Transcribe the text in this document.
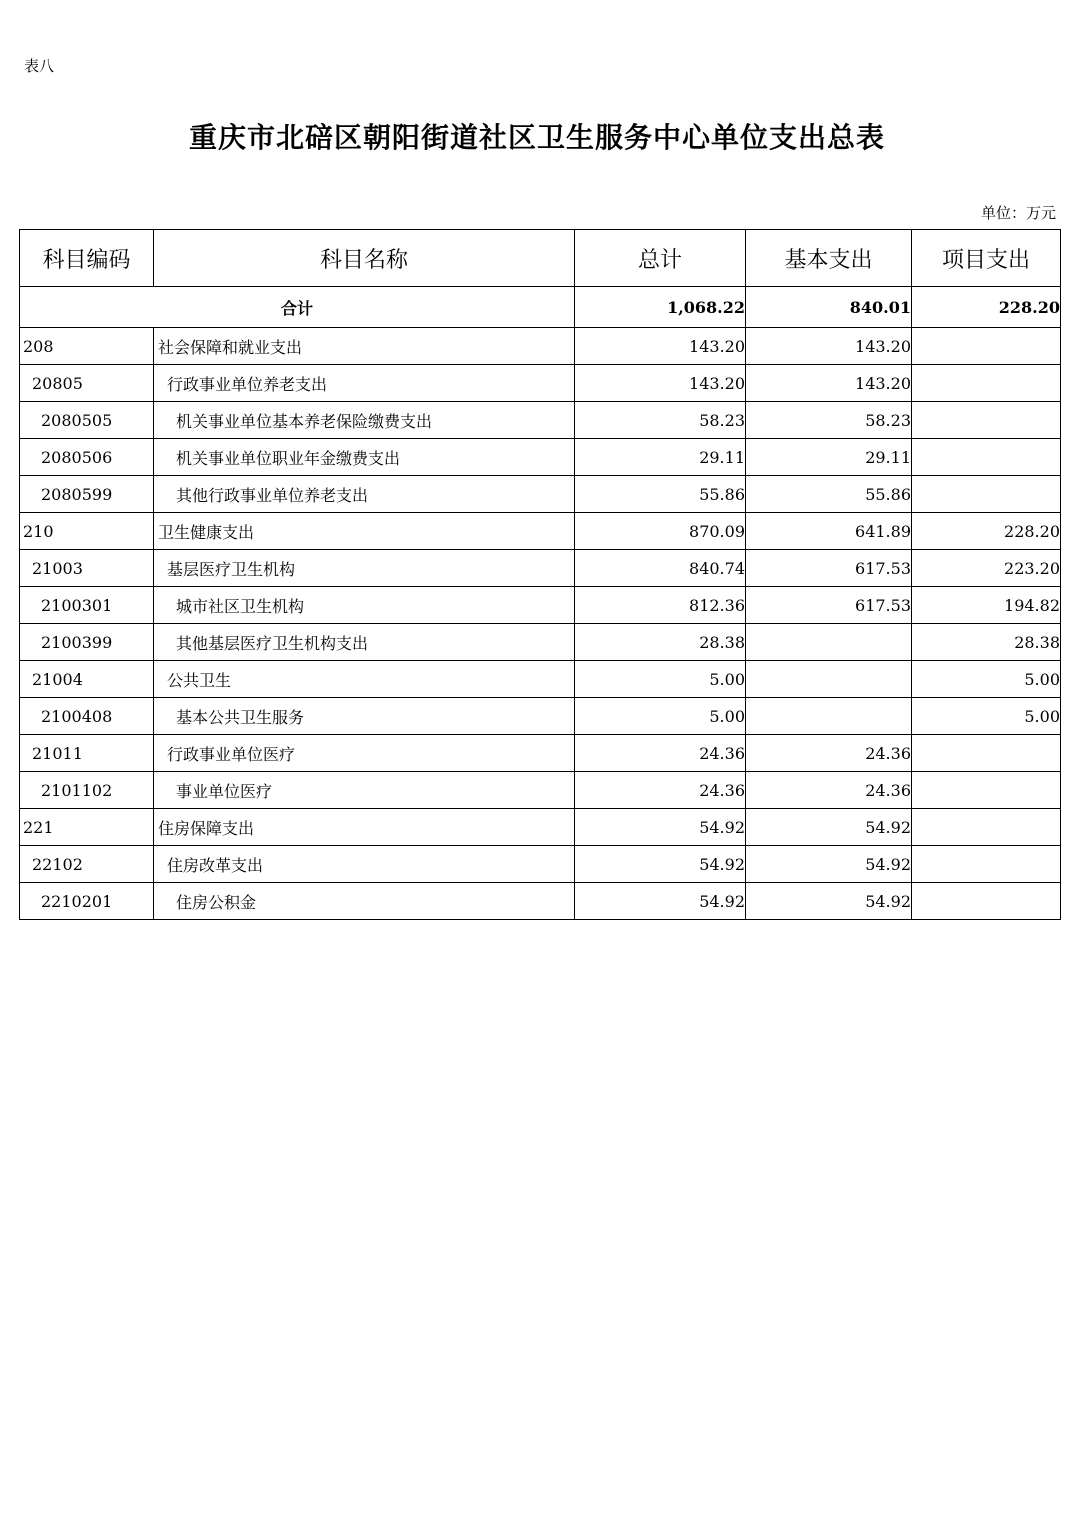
表八
重庆市北碚区朝阳街道社区卫生服务中心单位支出总表
单位：万元
科目编码	科目名称	总计	基本支出	项目支出
合计		1,068.22	840.01	228.20
208	社会保障和就业支出	143.20	143.20	
20805	行政事业单位养老支出	143.20	143.20	
2080505	机关事业单位基本养老保险缴费支出	58.23	58.23	
2080506	机关事业单位职业年金缴费支出	29.11	29.11	
2080599	其他行政事业单位养老支出	55.86	55.86	
210	卫生健康支出	870.09	641.89	228.20
21003	基层医疗卫生机构	840.74	617.53	223.20
2100301	城市社区卫生机构	812.36	617.53	194.82
2100399	其他基层医疗卫生机构支出	28.38		28.38
21004	公共卫生	5.00		5.00
2100408	基本公共卫生服务	5.00		5.00
21011	行政事业单位医疗	24.36	24.36	
2101102	事业单位医疗	24.36	24.36	
221	住房保障支出	54.92	54.92	
22102	住房改革支出	54.92	54.92	
2210201	住房公积金	54.92	54.92	
